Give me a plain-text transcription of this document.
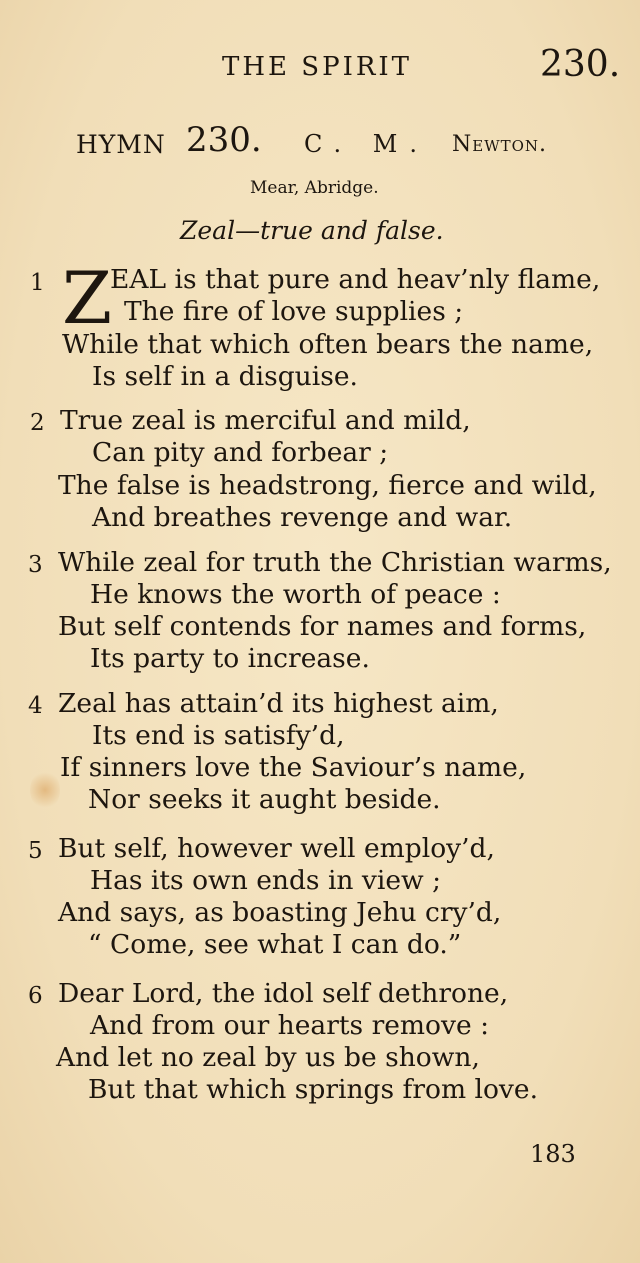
THE SPIRIT	230.
HYMN 230. C. M. Newton.
Mear, Abridge.
Zeal—true and false.
1 Z
EAL is that pure and heav’nly flame,
The fire of love supplies ;
While that which often bears the name,
Is self in a disguise.
2 True zeal is merciful and mild,
Can pity and forbear ;
The false is headstrong, fierce and wild,
And breathes revenge and war.
3 While zeal for truth the Christian warms,
He knows the worth of peace :
But self contends for names and forms,
Its party to increase.
4 Zeal has attain’d its highest aim,
Its end is satisfy’d,
If sinners love the Saviour’s name,
Nor seeks it aught beside.
5 But self, however well employ’d,
Has its own ends in view ;
And says, as boasting Jehu cry’d,
“ Come, see what I can do.”
6 Dear Lord, the idol self dethrone,
And from our hearts remove :
And let no zeal by us be shown,
But that which springs from love.
183
